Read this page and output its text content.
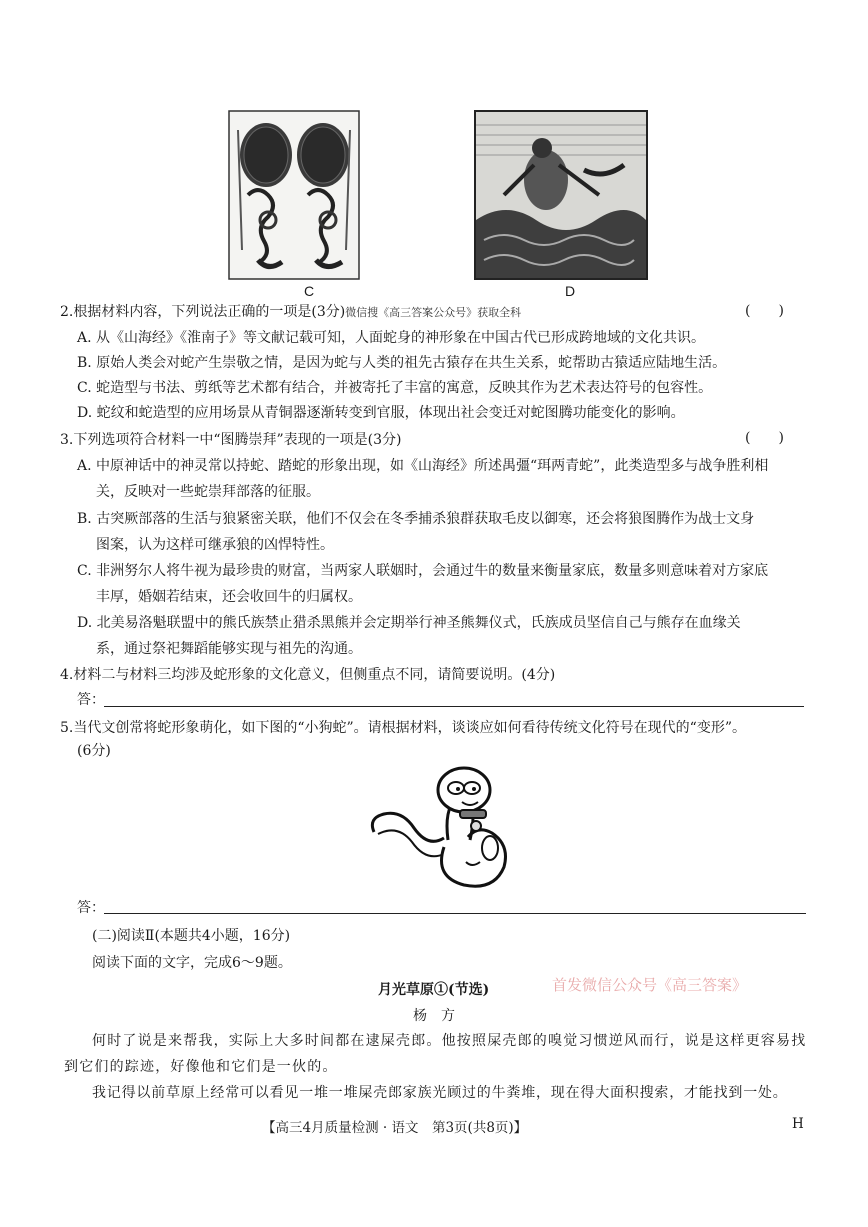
C	D
2.根据材料内容，下列说法正确的一项是(3分)微信搜《高三答案公众号》获取全科	(　　)
A. 从《山海经》《淮南子》等文献记载可知，人面蛇身的神形象在中国古代已形成跨地域的文化共识。
B. 原始人类会对蛇产生崇敬之情，是因为蛇与人类的祖先古猿存在共生关系，蛇帮助古猿适应陆地生活。
C. 蛇造型与书法、剪纸等艺术都有结合，并被寄托了丰富的寓意，反映其作为艺术表达符号的包容性。
D. 蛇纹和蛇造型的应用场景从青铜器逐渐转变到官服，体现出社会变迁对蛇图腾功能变化的影响。
3.下列选项符合材料一中“图腾崇拜”表现的一项是(3分)	(　　)
A. 中原神话中的神灵常以持蛇、踏蛇的形象出现，如《山海经》所述禺彊“珥两青蛇”，此类造型多与战争胜利相
关，反映对一些蛇崇拜部落的征服。
B. 古突厥部落的生活与狼紧密关联，他们不仅会在冬季捕杀狼群获取毛皮以御寒，还会将狼图腾作为战士文身
图案，认为这样可继承狼的凶悍特性。
C. 非洲努尔人将牛视为最珍贵的财富，当两家人联姻时，会通过牛的数量来衡量家底，数量多则意味着对方家底
丰厚，婚姻若结束，还会收回牛的归属权。
D. 北美易洛魁联盟中的熊氏族禁止猎杀黑熊并会定期举行神圣熊舞仪式，氏族成员坚信自己与熊存在血缘关
系，通过祭祀舞蹈能够实现与祖先的沟通。
4.材料二与材料三均涉及蛇形象的文化意义，但侧重点不同，请简要说明。(4分)
答：
5.当代文创常将蛇形象萌化，如下图的“小狗蛇”。请根据材料，谈谈应如何看待传统文化符号在现代的“变形”。
(6分)
答：
(二)阅读Ⅱ(本题共4小题，16分)
阅读下面的文字，完成6～9题。
月光草原①(节选)	首发微信公众号《高三答案》
杨　方
何时了说是来帮我，实际上大多时间都在逮屎壳郎。他按照屎壳郎的嗅觉习惯逆风而行，说是这样更容易找
到它们的踪迹，好像他和它们是一伙的。
我记得以前草原上经常可以看见一堆一堆屎壳郎家族光顾过的牛粪堆，现在得大面积搜索，才能找到一处。
【高三4月质量检测 · 语文　第3页(共8页)】	H
